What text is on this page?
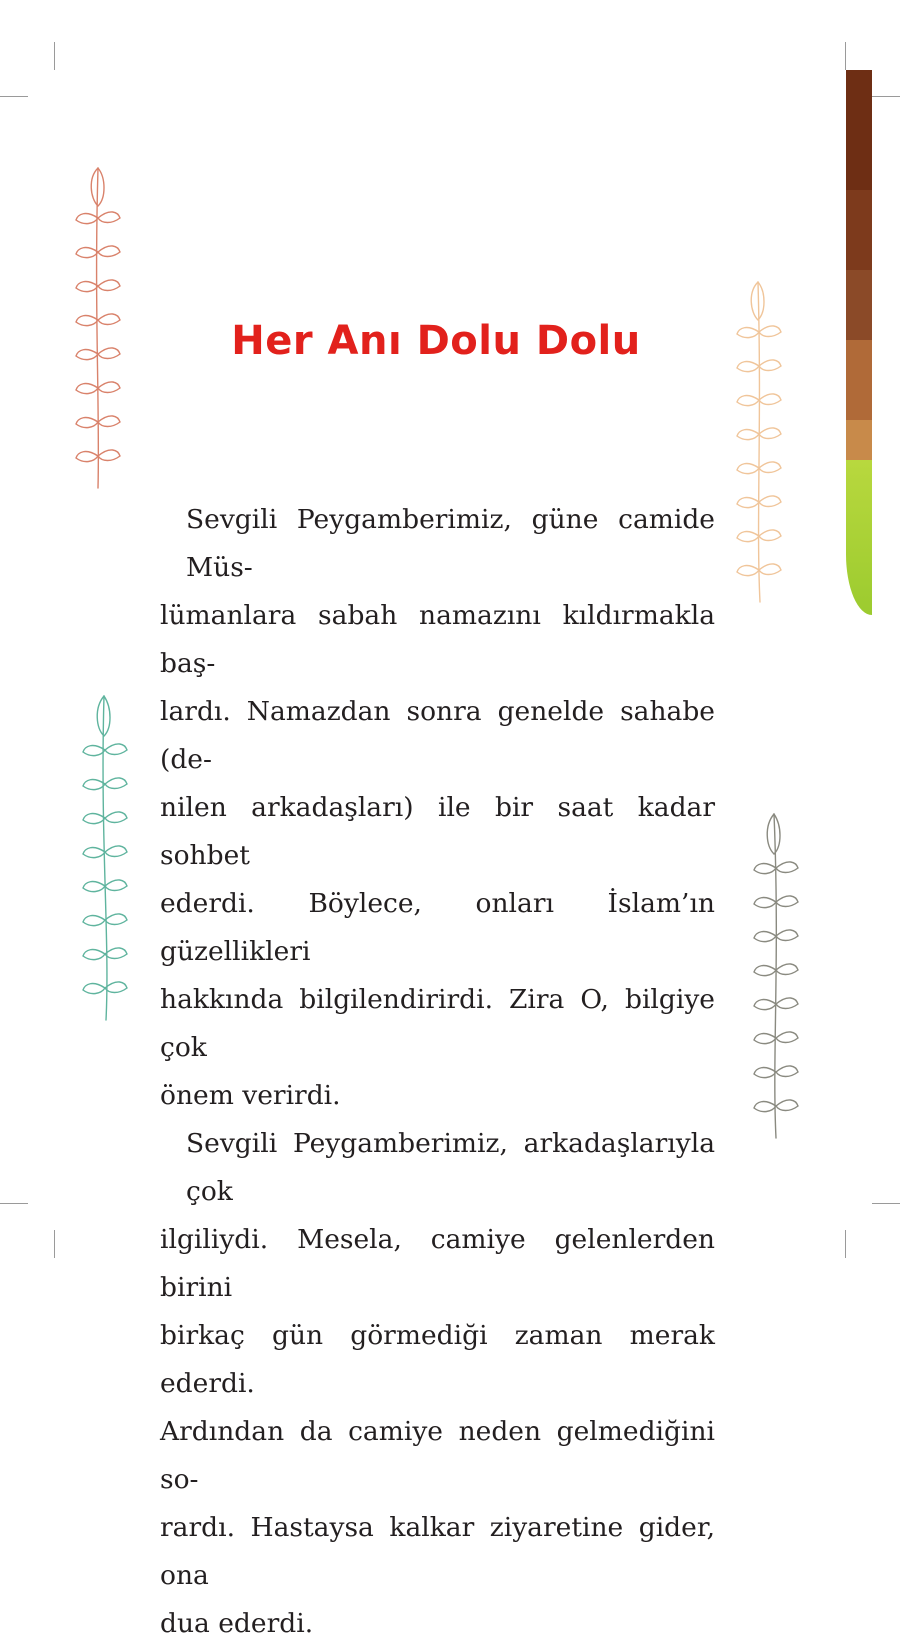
Her Anı Dolu Dolu

Sevgili Peygamberimiz, güne camide Müs-
lümanlara sabah namazını kıldırmakla baş-
lardı. Namazdan sonra genelde sahabe (de-
nilen arkadaşları) ile bir saat kadar sohbet
ederdi. Böylece, onları İslam’ın güzellikleri
hakkında bilgilendirirdi. Zira O, bilgiye çok
önem verirdi.

Sevgili Peygamberimiz, arkadaşlarıyla çok
ilgiliydi. Mesela, camiye gelenlerden birini
birkaç gün görmediği zaman merak ederdi.
Ardından da camiye neden gelmediğini so-
rardı. Hastaysa kalkar ziyaretine gider, ona
dua ederdi.
